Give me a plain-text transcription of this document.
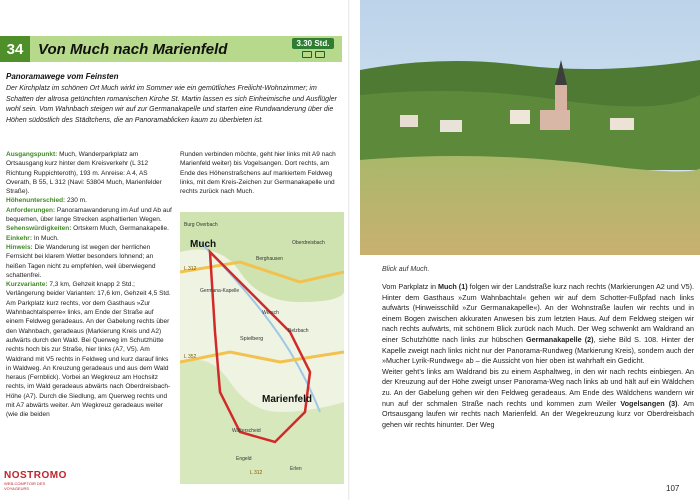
34 Von Much nach Marienfeld	3.30 Std.
Panoramawege vom Feinsten
Der Kirchplatz im schönen Ort Much wirkt im Sommer wie ein gemütliches Freilicht-Wohnzimmer; im Schatten der altrosa getünchten romanischen Kirche St. Martin lassen es sich Einheimische und Ausflügler wohl sein. Vom Wahnbach steigen wir auf zur Germanakapelle und starten eine Rundwanderung über die Höhen südöstlich des Städtchens, die an Panoramablicken kaum zu überbieten ist.

Ausgangspunkt: Much, Wanderparkplatz am Ortsausgang kurz hinter dem Kreisverkehr (L 312 Richtung Ruppichteroth), 193 m. Anreise: A 4, AS Overath, B 55, L 312 (Navi: 53804 Much, Marienfelder Straße).

Höhenunterschied: 230 m.

Anforderungen: Panoramawanderung im Auf und Ab auf bequemen, über lange Strecken asphaltierten Wegen.

Sehenswürdigkeiten: Ortskern Much, Germanakapelle.

Einkehr: In Much.

Hinweis: Die Wanderung ist wegen der herrlichen Fernsicht bei klarem Wetter besonders lohnend; an heißen Tagen nicht zu empfehlen, weil überwiegend schattenfrei.

Kurzvariante: 7,3 km, Gehzeit knapp 2 Std.; Verlängerung beider Varianten: 17,6 km, Gehzeit 4,5 Std.

Am Parkplatz kurz rechts, vor dem Gasthaus »Zur Wahnbachtalsperre« links, am Ende der Straße auf einem Feldweg geradeaus. An der Gabelung rechts über den Wahnbach, geradeaus (Markierung Kreis und A2) aufwärts durch den Wald. Bei Querweg im Schutzhütte rechts hoch bis zur Straße, hier links (A7, V5). Am Waldrand mit V5 rechts in Feldweg und kurz darauf links in Waldweg. An Kreuzung geradeaus und aus dem Wald heraus (Fernblick). Vorbei an Wegkreuz am Hochsitz rechts, im Wald geradeaus abwärts nach Oberdreisbach-Höhe (A7). Durch die Siedlung, am Querweg rechts und mit A7 abwärts weiter. Am Wegkreuz geradeaus weiter (wie die beiden

Runden verbinden möchte, geht hier links mit A9 nach Marienfeld weiter) bis Vogelsangen. Dort rechts, am Ende des Höhenstraßchens auf markiertem Feldweg links, mit dem Kreis-Zeichen zur Germanakapelle und rechts zurück nach Much.
Much
Marienfeld
Burg Overbach
Oberdreisbach
Spielberg
Wersch
Walterscheid
Belzbach
Germana-Kapelle
Berghausen
Engeld
Erlen
L 312
L 312
L 352
NOSTROMO
WEB-COMPTOIR DES VOYAGEURS
Blick auf Much.
Vom Parkplatz in Much (1) folgen wir der Landstraße kurz nach rechts (Markierungen A2 und V5). Hinter dem Gasthaus »Zum Wahnbachtal« gehen wir auf dem Schotter-Fußpfad nach links aufwärts (Hinweisschild »Zur Germanakapelle«). An der Wohnstraße laufen wir rechts und in einem Bogen zwischen akkuraten Anwesen bis zum letzten Haus. Auf dem Feldweg steigen wir nach rechts aufwärts, mit schönem Blick zurück nach Much. Der Weg schwenkt am Waldrand an einer Schutzhütte nach links zur hübschen Germanakapelle (2), siehe Bild S. 108. Hinter der Kapelle zweigt nach links nicht nur der Panorama-Rundweg (Markierung Kreis), sondern auch der »Mucher Lyrik-Rundweg« ab – die Aussicht von hier oben ist wahrhaft ein Gedicht.
Weiter geht’s links am Waldrand bis zu einem Asphaltweg, in den wir nach rechts einbiegen. An der Kreuzung auf der Höhe zweigt unser Panorama-Weg nach links ab und hält auf ein Wäldchen zu. An der Gabelung gehen wir den Feldweg geradeaus. Am Ende des Wäldchens wandern wir nun auf der schmalen Straße nach rechts und kommen zum Weiler Vogelsangen (3). Am Ortsausgang laufen wir rechts nach Marienfeld. An der Wegekreuzung kurz vor Oberdreisbach gehen wir rechts hinunter. Der Weg
107
